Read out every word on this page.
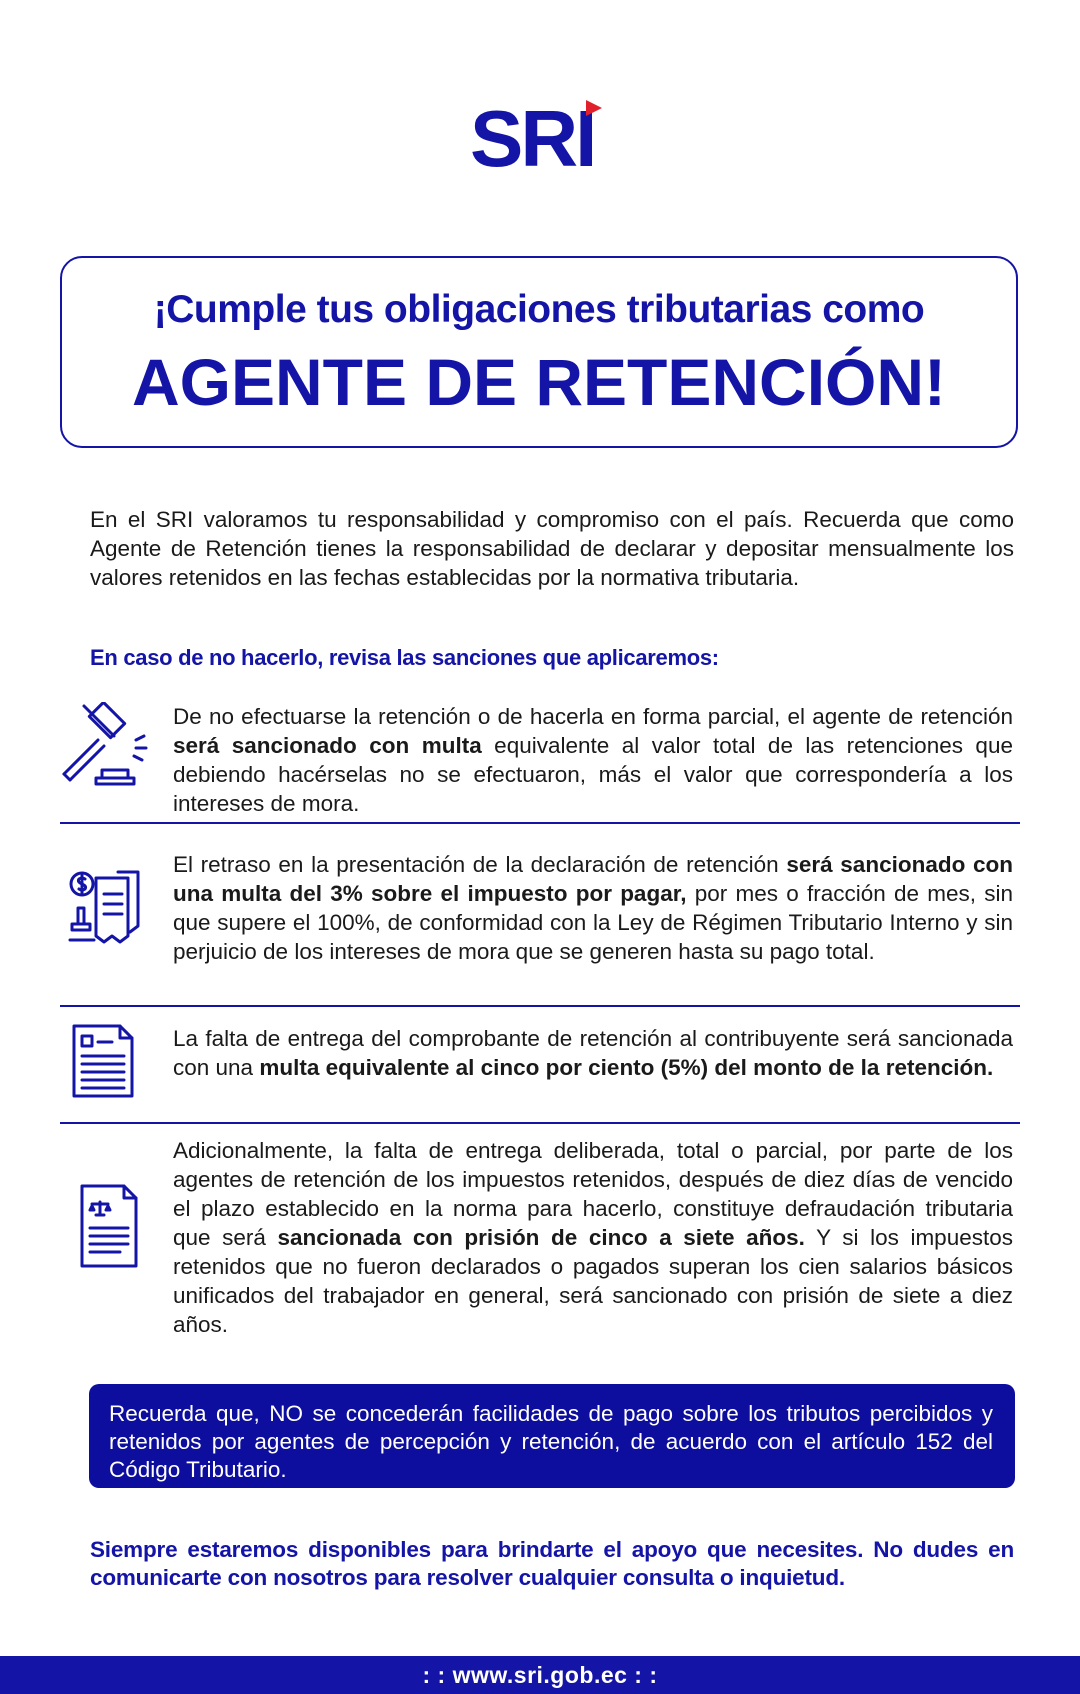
SRI
¡Cumple tus obligaciones tributarias como
AGENTE DE RETENCIÓN!
En el SRI valoramos tu responsabilidad y compromiso con el país. Recuerda que como Agente de Retención tienes la responsabilidad de declarar y depositar mensualmente los valores retenidos en las fechas establecidas por la normativa tributaria.
En caso de no hacerlo, revisa las sanciones que aplicaremos:
De no efectuarse la retención o de hacerla en forma parcial, el agente de retención será sancionado con multa equivalente al valor total de las retenciones que debiendo hacérselas no se efectuaron, más el valor que correspondería a los intereses de mora.
El retraso en la presentación de la declaración de retención será sancionado con una multa del 3% sobre el impuesto por pagar, por mes o fracción de mes, sin que supere el 100%, de conformidad con la Ley de Régimen Tributario Interno y sin perjuicio de los intereses de mora que se generen hasta su pago total.
La falta de entrega del comprobante de retención al contribuyente será sancionada con una multa equivalente al cinco por ciento (5%) del monto de la retención.
Adicionalmente, la falta de entrega deliberada, total o parcial, por parte de los agentes de retención de los impuestos retenidos, después de diez días de vencido el plazo establecido en la norma para hacerlo, constituye defraudación tributaria que será sancionada con prisión de cinco a siete años. Y si los impuestos retenidos que no fueron declarados o pagados superan los cien salarios básicos unificados del trabajador en general, será sancionado con prisión de siete a diez años.
Recuerda que, NO se concederán facilidades de pago sobre los tributos percibidos y retenidos por agentes de percepción y retención, de acuerdo con el artículo 152 del Código Tributario.
Siempre estaremos disponibles para brindarte el apoyo que necesites. No dudes en comunicarte con nosotros para resolver cualquier consulta o inquietud.
: : www.sri.gob.ec : :
